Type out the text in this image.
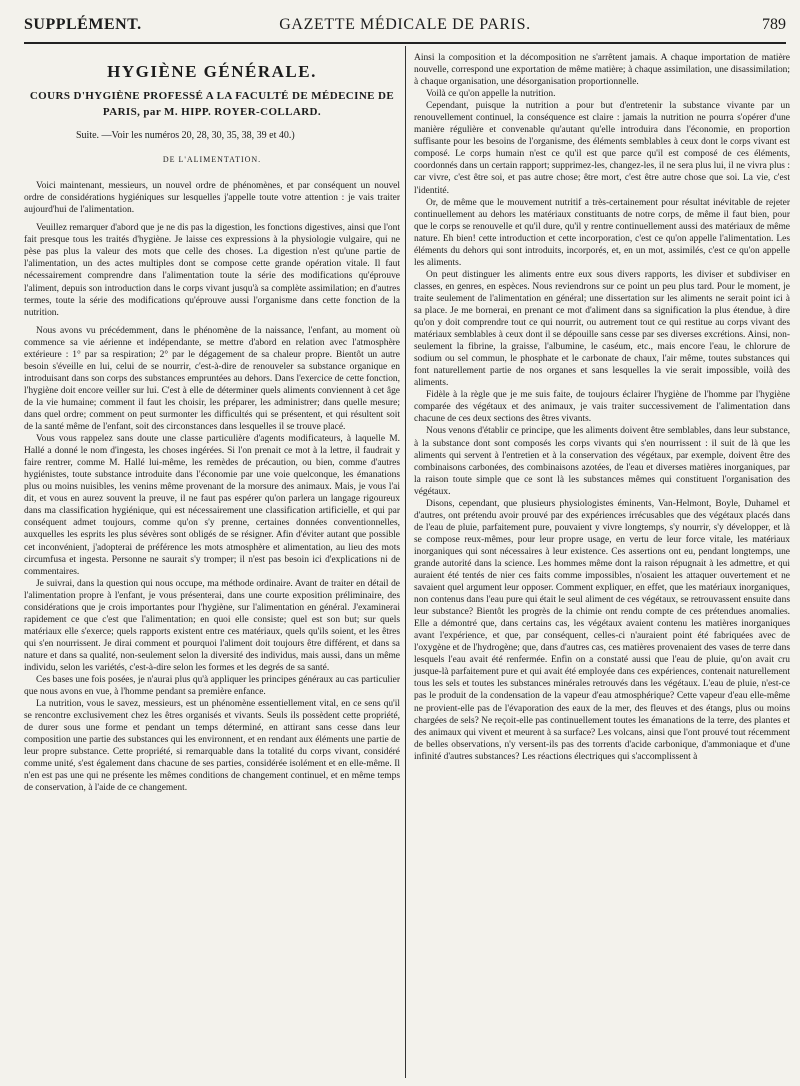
SUPPLÉMENT.	GAZETTE MÉDICALE DE PARIS.	789
HYGIÈNE GÉNÉRALE.
COURS D'HYGIÈNE PROFESSÉ A LA FACULTÉ DE MÉDECINE DE
PARIS, par M. HIPP. ROYER-COLLARD.
Suite. —Voir les numéros 20, 28, 30, 35, 38, 39 et 40.)
DE L'ALIMENTATION.

Voici maintenant, messieurs, un nouvel ordre de phénomènes, et par conséquent un nouvel ordre de considérations hygiéniques sur lesquelles j'appelle toute votre attention : je vais traiter aujourd'hui de l'alimentation.

Veuillez remarquer d'abord que je ne dis pas la digestion, les fonctions digestives, ainsi que l'ont fait presque tous les traités d'hygiène. Je laisse ces expressions à la physiologie vulgaire, qui ne pèse pas plus la valeur des mots que celle des choses. La digestion n'est qu'une partie de l'alimentation, un des actes multiples dont se compose cette grande opération vitale. Il faut nécessairement comprendre dans l'alimentation toute la série des modifications qu'éprouve l'aliment, depuis son introduction dans le corps vivant jusqu'à sa complète assimilation; en d'autres termes, toute la série des modifications qu'éprouve aussi l'organisme dans cette fonction de la nutrition.

Nous avons vu précédemment, dans le phénomène de la naissance, l'enfant, au moment où commence sa vie aérienne et indépendante, se mettre d'abord en relation avec l'atmosphère extérieure : 1° par sa respiration; 2° par le dégagement de sa chaleur propre. Bientôt un autre besoin s'éveille en lui, celui de se nourrir, c'est-à-dire de renouveler sa substance organique en introduisant dans son corps des substances empruntées au dehors. Dans l'exercice de cette fonction, l'hygiène doit encore veiller sur lui. C'est à elle de déterminer quels aliments conviennent à cet âge de la vie humaine; comment il faut les choisir, les préparer, les administrer; dans quelle mesure; dans quel ordre; comment on peut surmonter les difficultés qui se présentent, et qui résultent soit de la santé même de l'enfant, soit des circonstances dans lesquelles il se trouve placé.

Vous vous rappelez sans doute une classe particulière d'agents modificateurs, à laquelle M. Hallé a donné le nom d'ingesta, les choses ingérées. Si l'on prenait ce mot à la lettre, il faudrait y faire rentrer, comme M. Hallé lui-même, les remèdes de précaution, ou bien, comme d'autres hygiénistes, toute substance introduite dans l'économie par une voie quelconque, les émanations plus ou moins nuisibles, les venins même provenant de la morsure des animaux. Mais, je vous l'ai dit, et vous en aurez souvent la preuve, il ne faut pas espérer qu'on parlera un langage rigoureux dans ma classification hygiénique, qui est nécessairement une classification artificielle, et qui par conséquent admet toujours, comme qu'on s'y prenne, certaines données conventionnelles, auxquelles les esprits les plus sévères sont obligés de se résigner. Afin d'éviter autant que possible cet inconvénient, j'adopterai de préférence les mots atmosphère et alimentation, au lieu des mots circumfusa et ingesta. Personne ne saurait s'y tromper; il n'est pas besoin ici d'explications ni de commentaires.

Je suivrai, dans la question qui nous occupe, ma méthode ordinaire. Avant de traiter en détail de l'alimentation propre à l'enfant, je vous présenterai, dans une courte exposition préliminaire, des considérations que je crois importantes pour l'hygiène, sur l'alimentation en général. J'examinerai rapidement ce que c'est que l'alimentation; en quoi elle consiste; quel est son but; sur quels matériaux elle s'exerce; quels rapports existent entre ces matériaux, quels qu'ils soient, et les êtres qui s'en nourrissent. Je dirai comment et pourquoi l'aliment doit toujours être différent, et dans sa nature et dans sa qualité, non-seulement selon la diversité des individus, mais aussi, dans un même individu, selon les variétés, c'est-à-dire selon les formes et les degrés de sa santé.

Ces bases une fois posées, je n'aurai plus qu'à appliquer les principes généraux au cas particulier que nous avons en vue, à l'homme pendant sa première enfance.

La nutrition, vous le savez, messieurs, est un phénomène essentiellement vital, en ce sens qu'il se rencontre exclusivement chez les êtres organisés et vivants. Seuls ils possèdent cette propriété, de durer sous une forme et pendant un temps déterminé, en attirant sans cesse dans leur composition une partie des substances qui les environnent, et en rendant aux éléments une partie de leur propre substance. Cette propriété, si remarquable dans la totalité du corps vivant, considéré comme unité, s'est également dans chacune de ses parties, considérée isolément et en elle-même. Il n'en est pas une qui ne présente les mêmes conditions de changement continuel, et en même temps de conservation, à l'aide de ce changement.

Ainsi la composition et la décomposition ne s'arrêtent jamais. A chaque importation de matière nouvelle, correspond une exportation de même matière; à chaque assimilation, une disassimilation; à chaque organisation, une désorganisation proportionnelle.

Voilà ce qu'on appelle la nutrition.

Cependant, puisque la nutrition a pour but d'entretenir la substance vivante par un renouvellement continuel, la conséquence est claire : jamais la nutrition ne pourra s'opérer d'une manière régulière et convenable qu'autant qu'elle introduira dans l'économie, en proportion suffisante pour les besoins de l'organisme, des éléments semblables à ceux dont le corps vivant est composé. Le corps humain n'est ce qu'il est que parce qu'il est composé de ces éléments, coordonnés dans un certain rapport; supprimez-les, changez-les, il ne sera plus lui, il ne vivra plus : car vivre, c'est être soi, et pas autre chose; être mort, c'est être autre chose que soi. La vie, c'est l'identité.

Or, de même que le mouvement nutritif a très-certainement pour résultat inévitable de rejeter continuellement au dehors les matériaux constituants de notre corps, de même il faut bien, pour que le corps se renouvelle et qu'il dure, qu'il y rentre continuellement aussi des matériaux de même nature. Eh bien! cette introduction et cette incorporation, c'est ce qu'on appelle l'alimentation. Les éléments du dehors qui sont introduits, incorporés, et, en un mot, assimilés, c'est ce qu'on appelle les aliments.

On peut distinguer les aliments entre eux sous divers rapports, les diviser et subdiviser en classes, en genres, en espèces. Nous reviendrons sur ce point un peu plus tard. Pour le moment, je traite seulement de l'alimentation en général; une dissertation sur les aliments ne serait point ici à sa place. Je me bornerai, en prenant ce mot d'aliment dans sa signification la plus étendue, à dire qu'on y doit comprendre tout ce qui nourrit, ou autrement tout ce qui restitue au corps vivant des matériaux semblables à ceux dont il se dépouille sans cesse par ses diverses excrétions. Ainsi, non-seulement la fibrine, la graisse, l'albumine, le caséum, etc., mais encore l'eau, le chlorure de sodium ou sel commun, le phosphate et le carbonate de chaux, l'air même, toutes substances qui font naturellement partie de nos organes et sans lesquelles la vie serait impossible, voilà des aliments.

Fidèle à la règle que je me suis faite, de toujours éclairer l'hygiène de l'homme par l'hygiène comparée des végétaux et des animaux, je vais traiter successivement de l'alimentation dans chacune de ces deux sections des êtres vivants.

Nous venons d'établir ce principe, que les aliments doivent être semblables, dans leur substance, à la substance dont sont composés les corps vivants qui s'en nourrissent : il suit de là que les aliments qui servent à l'entretien et à la conservation des végétaux, par exemple, doivent être des combinaisons carbonées, des combinaisons azotées, de l'eau et diverses matières inorganiques, par la raison toute simple que ce sont là les substances mêmes qui constituent l'organisation des végétaux.

Disons, cependant, que plusieurs physiologistes éminents, Van-Helmont, Boyle, Duhamel et d'autres, ont prétendu avoir prouvé par des expériences irrécusables que des végétaux placés dans de l'eau de pluie, parfaitement pure, pouvaient y vivre longtemps, s'y nourrir, s'y développer, et là se compose reux-mêmes, pour leur propre usage, en vertu de leur force vitale, les matériaux inorganiques qui sont nécessaires à leur existence. Ces assertions ont eu, pendant longtemps, une grande autorité dans la science. Les hommes même dont la raison répugnait à les admettre, et qui auraient été tentés de nier ces faits comme impossibles, n'osaient les attaquer ouvertement et ne savaient quel argument leur opposer. Comment expliquer, en effet, que les matériaux inorganiques, non contenus dans l'eau pure qui était le seul aliment de ces végétaux, se retrouvassent ensuite dans leur substance? Bientôt les progrès de la chimie ont rendu compte de ces prétendues anomalies. Elle a démontré que, dans certains cas, les végétaux avaient contenu les matières inorganiques avant l'expérience, et que, par conséquent, celles-ci n'auraient point été fabriquées avec de l'oxygène et de l'hydrogène; que, dans d'autres cas, ces matières provenaient des vases de terre dans lesquels l'eau avait été renfermée. Enfin on a constaté aussi que l'eau de pluie, qu'on avait cru jusque-là parfaitement pure et qui avait été employée dans ces expériences, contenait naturellement tous les sels et toutes les substances minérales retrouvés dans les végétaux. L'eau de pluie, n'est-ce pas le produit de la condensation de la vapeur d'eau atmosphérique? Cette vapeur d'eau elle-même ne provient-elle pas de l'évaporation des eaux de la mer, des fleuves et des étangs, plus ou moins chargées de sels? Ne reçoit-elle pas continuellement toutes les émanations de la terre, des plantes et des animaux qui vivent et meurent à sa surface? Les volcans, ainsi que l'ont prouvé tout récemment de belles observations, n'y versent-ils pas des torrents d'acide carbonique, d'ammoniaque et d'une infinité d'autres substances? Les réactions électriques qui s'accomplissent à
